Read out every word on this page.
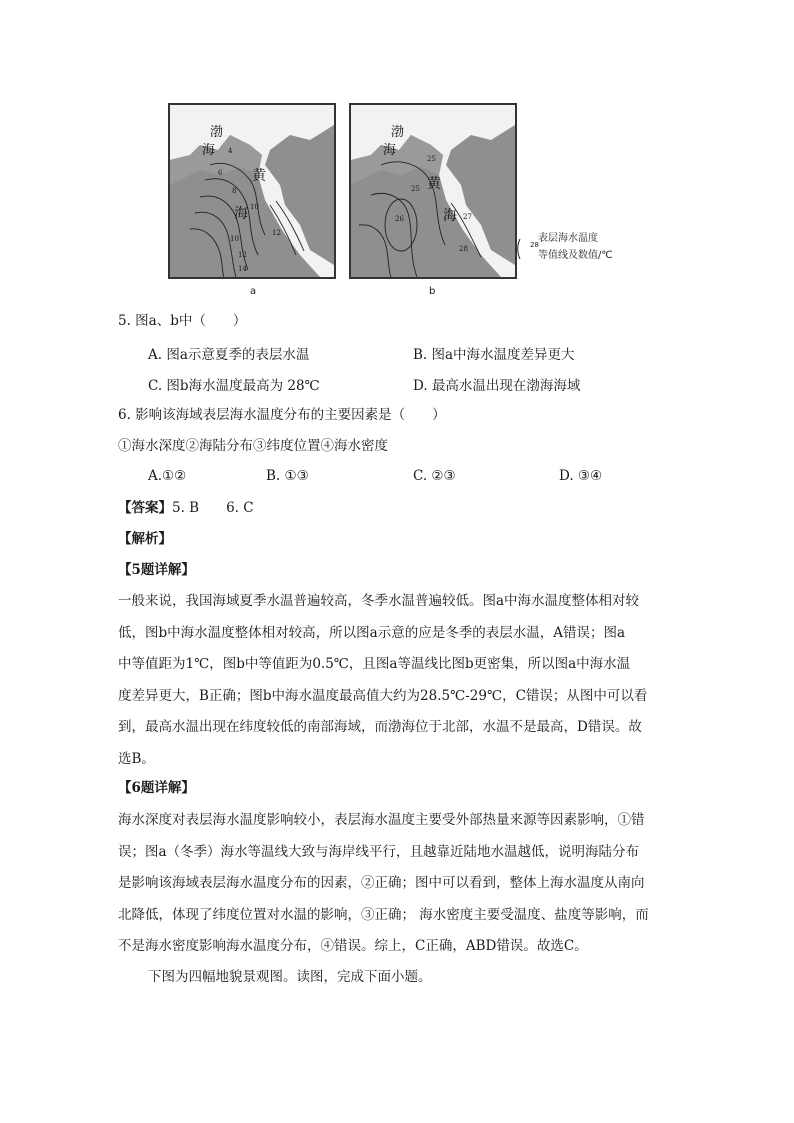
渤
海
黄
海
4
6
8
10
10
12
12
14
渤
海
黄
海
25
25
26	27
28
a	b
28
表层海水温度
等值线及数值/℃
5. 图a、b中（　　）
A. 图a示意夏季的表层水温	B. 图a中海水温度差异更大
C. 图b海水温度最高为 28℃	D. 最高水温出现在渤海海域
6. 影响该海域表层海水温度分布的主要因素是（　　）
①海水深度②海陆分布③纬度位置④海水密度
A.①②	B. ①③	C. ②③	D. ③④
【答案】5. B　　6. C
【解析】
【5题详解】
一般来说，我国海域夏季水温普遍较高，冬季水温普遍较低。图a中海水温度整体相对较
低，图b中海水温度整体相对较高，所以图a示意的应是冬季的表层水温，A错误；图a
中等值距为1℃，图b中等值距为0.5℃，且图a等温线比图b更密集，所以图a中海水温
度差异更大，B正确；图b中海水温度最高值大约为28.5℃-29℃，C错误；从图中可以看
到，最高水温出现在纬度较低的南部海域，而渤海位于北部，水温不是最高，D错误。故
选B。
【6题详解】
海水深度对表层海水温度影响较小，表层海水温度主要受外部热量来源等因素影响，①错
误；图a（冬季）海水等温线大致与海岸线平行，且越靠近陆地水温越低，说明海陆分布
是影响该海域表层海水温度分布的因素，②正确；图中可以看到，整体上海水温度从南向
北降低，体现了纬度位置对水温的影响，③正确； 海水密度主要受温度、盐度等影响，而
不是海水密度影响海水温度分布，④错误。综上，C正确，ABD错误。故选C。
下图为四幅地貌景观图。读图，完成下面小题。
